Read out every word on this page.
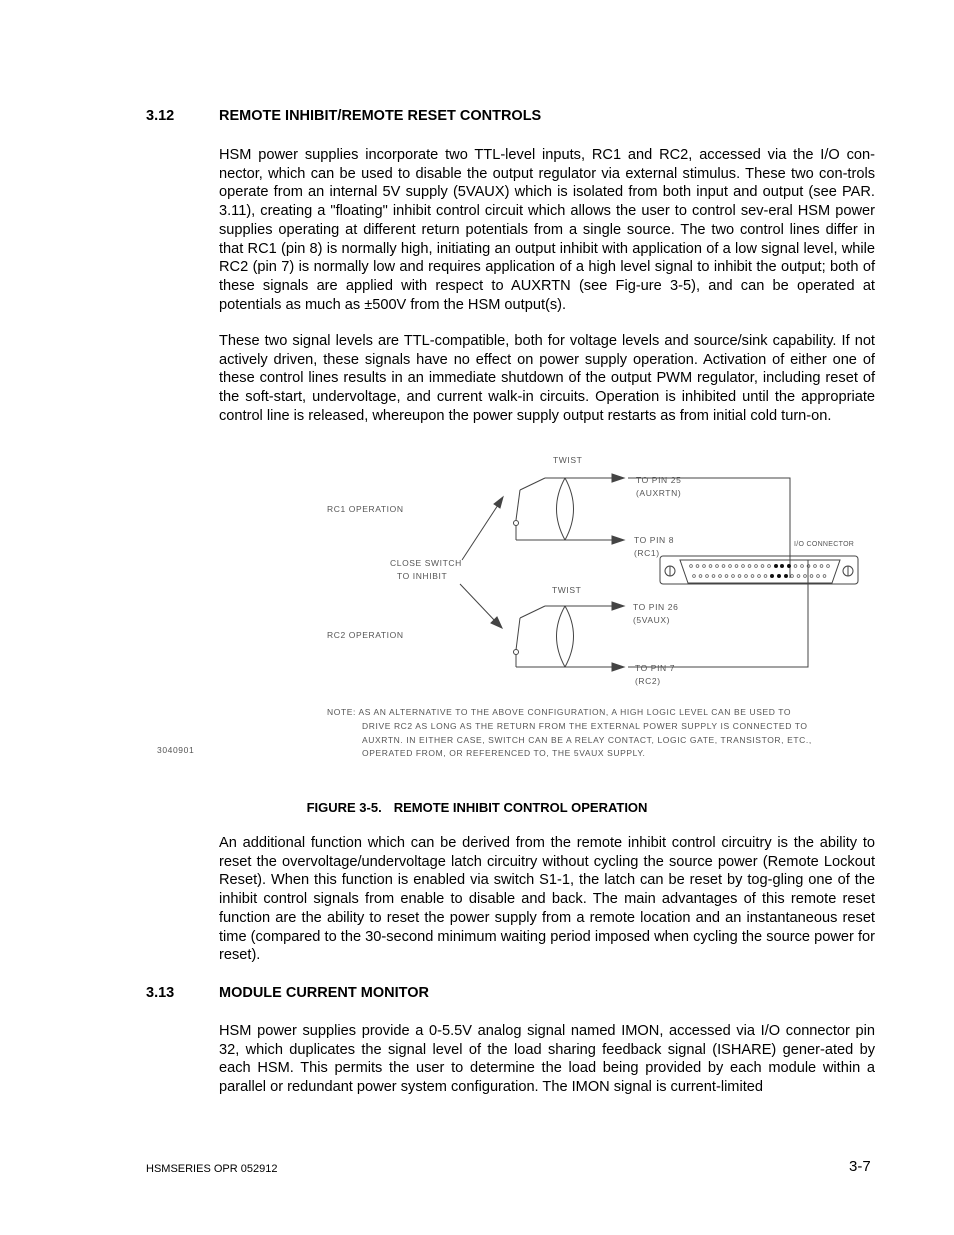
3.12	REMOTE INHIBIT/REMOTE RESET CONTROLS

HSM power supplies incorporate two TTL-level inputs, RC1 and RC2, accessed via the I/O con-nector, which can be used to disable the output regulator via external stimulus. These two con-trols operate from an internal 5V supply (5VAUX) which is isolated from both input and output (see PAR. 3.11), creating a "floating" inhibit control circuit which allows the user to control sev-eral HSM power supplies operating at different return potentials from a single source. The two control lines differ in that RC1 (pin 8) is normally high, initiating an output inhibit with application of a low signal level, while RC2 (pin 7) is normally low and requires application of a high level signal to inhibit the output; both of these signals are applied with respect to AUXRTN (see Fig-ure 3-5), and can be operated at potentials as much as ±500V from the HSM output(s).

These two signal levels are TTL-compatible, both for voltage levels and source/sink capability. If not actively driven, these signals have no effect on power supply operation. Activation of either one of these control lines results in an immediate shutdown of the output PWM regulator, including reset of the soft-start, undervoltage, and current walk-in circuits. Operation is inhibited until the appropriate control line is released, whereupon the power supply output restarts as from initial cold turn-on.

TWIST
TWIST
RC1 OPERATION
RC2 OPERATION
CLOSE SWITCH
TO INHIBIT
TO PIN 25
(AUXRTN)
TO PIN 8
(RC1)
TO PIN 26
(5VAUX)
TO PIN 7
(RC2)
NOTE: AS AN ALTERNATIVE TO THE ABOVE CONFIGURATION, A HIGH LOGIC LEVEL CAN BE USED TO
DRIVE RC2 AS LONG AS THE RETURN FROM THE EXTERNAL POWER SUPPLY IS CONNECTED TO
AUXRTN. IN EITHER CASE, SWITCH CAN BE A RELAY CONTACT, LOGIC GATE, TRANSISTOR, ETC.,
OPERATED FROM, OR REFERENCED TO, THE 5VAUX SUPPLY.
3040901
I/O CONNECTOR
FIGURE 3-5. REMOTE INHIBIT CONTROL OPERATION

An additional function which can be derived from the remote inhibit control circuitry is the ability to reset the overvoltage/undervoltage latch circuitry without cycling the source power (Remote Lockout Reset). When this function is enabled via switch S1-1, the latch can be reset by tog-gling one of the inhibit control signals from enable to disable and back. The main advantages of this remote reset function are the ability to reset the power supply from a remote location and an instantaneous reset time (compared to the 30-second minimum waiting period imposed when cycling the source power for reset).

3.13	MODULE CURRENT MONITOR

HSM power supplies provide a 0-5.5V analog signal named IMON, accessed via I/O connector pin 32, which duplicates the signal level of the load sharing feedback signal (ISHARE) gener-ated by each HSM. This permits the user to determine the load being provided by each module within a parallel or redundant power system configuration. The IMON signal is current-limited

HSMSERIES OPR 052912	3-7
